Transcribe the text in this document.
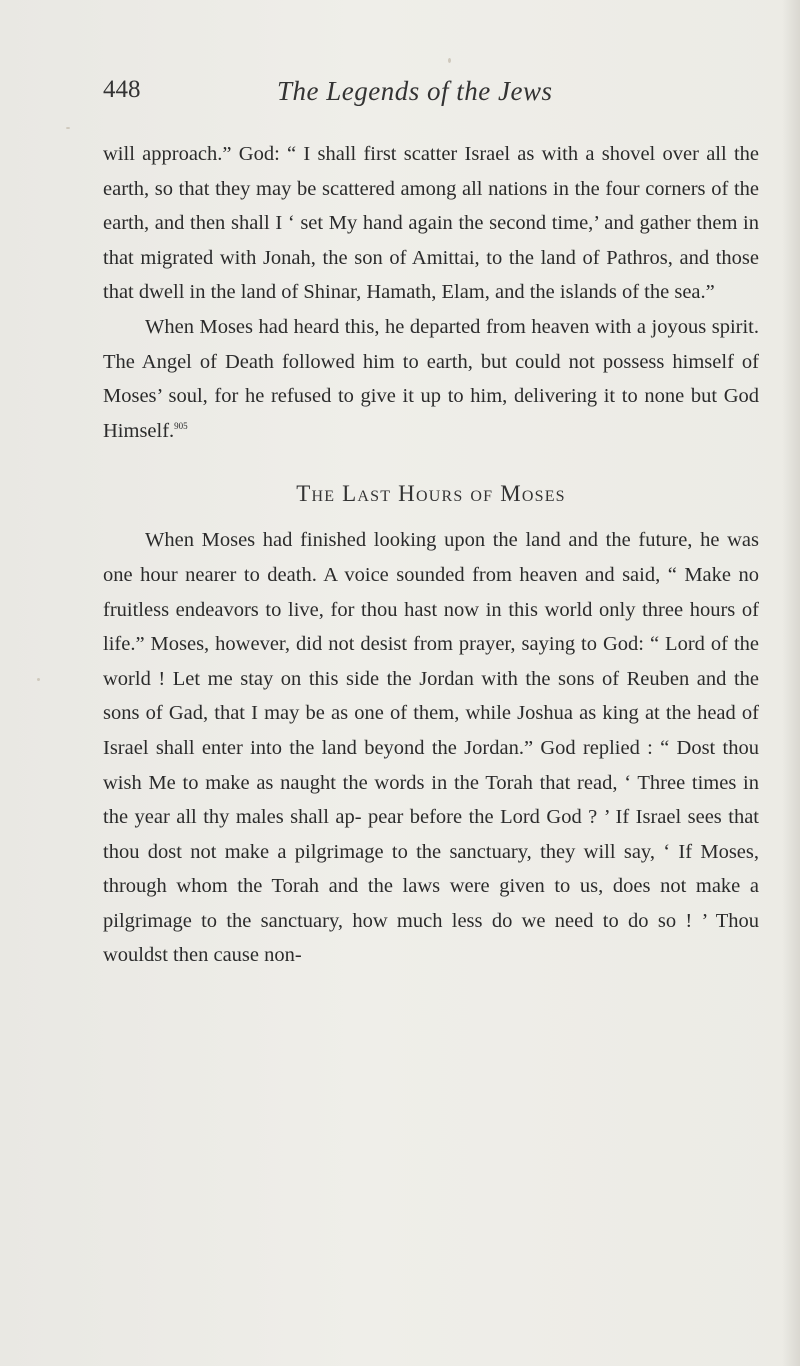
448	The Legends of the Jews

will approach.” God: “ I shall first scatter Israel as with a shovel over all the earth, so that they may be scattered among all nations in the four corners of the earth, and then shall I ‘ set My hand again the second time,’ and gather them in that migrated with Jonah, the son of Amittai, to the land of Pathros, and those that dwell in the land of Shinar, Hamath, Elam, and the islands of the sea.”

When Moses had heard this, he departed from heaven with a joyous spirit. The Angel of Death followed him to earth, but could not possess himself of Moses’ soul, for he refused to give it up to him, delivering it to none but God Himself.$^{905}$

The Last Hours of Moses

When Moses had finished looking upon the land and the future, he was one hour nearer to death. A voice sounded from heaven and said, “ Make no fruitless endeavors to live, for thou hast now in this world only three hours of life.” Moses, however, did not desist from prayer, saying to God: “ Lord of the world ! Let me stay on this side the Jordan with the sons of Reuben and the sons of Gad, that I may be as one of them, while Joshua as king at the head of Israel shall enter into the land beyond the Jordan.” God replied : “ Dost thou wish Me to make as naught the words in the Torah that read, ‘ Three times in the year all thy males shall ap- pear before the Lord God ? ’ If Israel sees that thou dost not make a pilgrimage to the sanctuary, they will say, ‘ If Moses, through whom the Torah and the laws were given to us, does not make a pilgrimage to the sanctuary, how much less do we need to do so ! ’ Thou wouldst then cause non-
